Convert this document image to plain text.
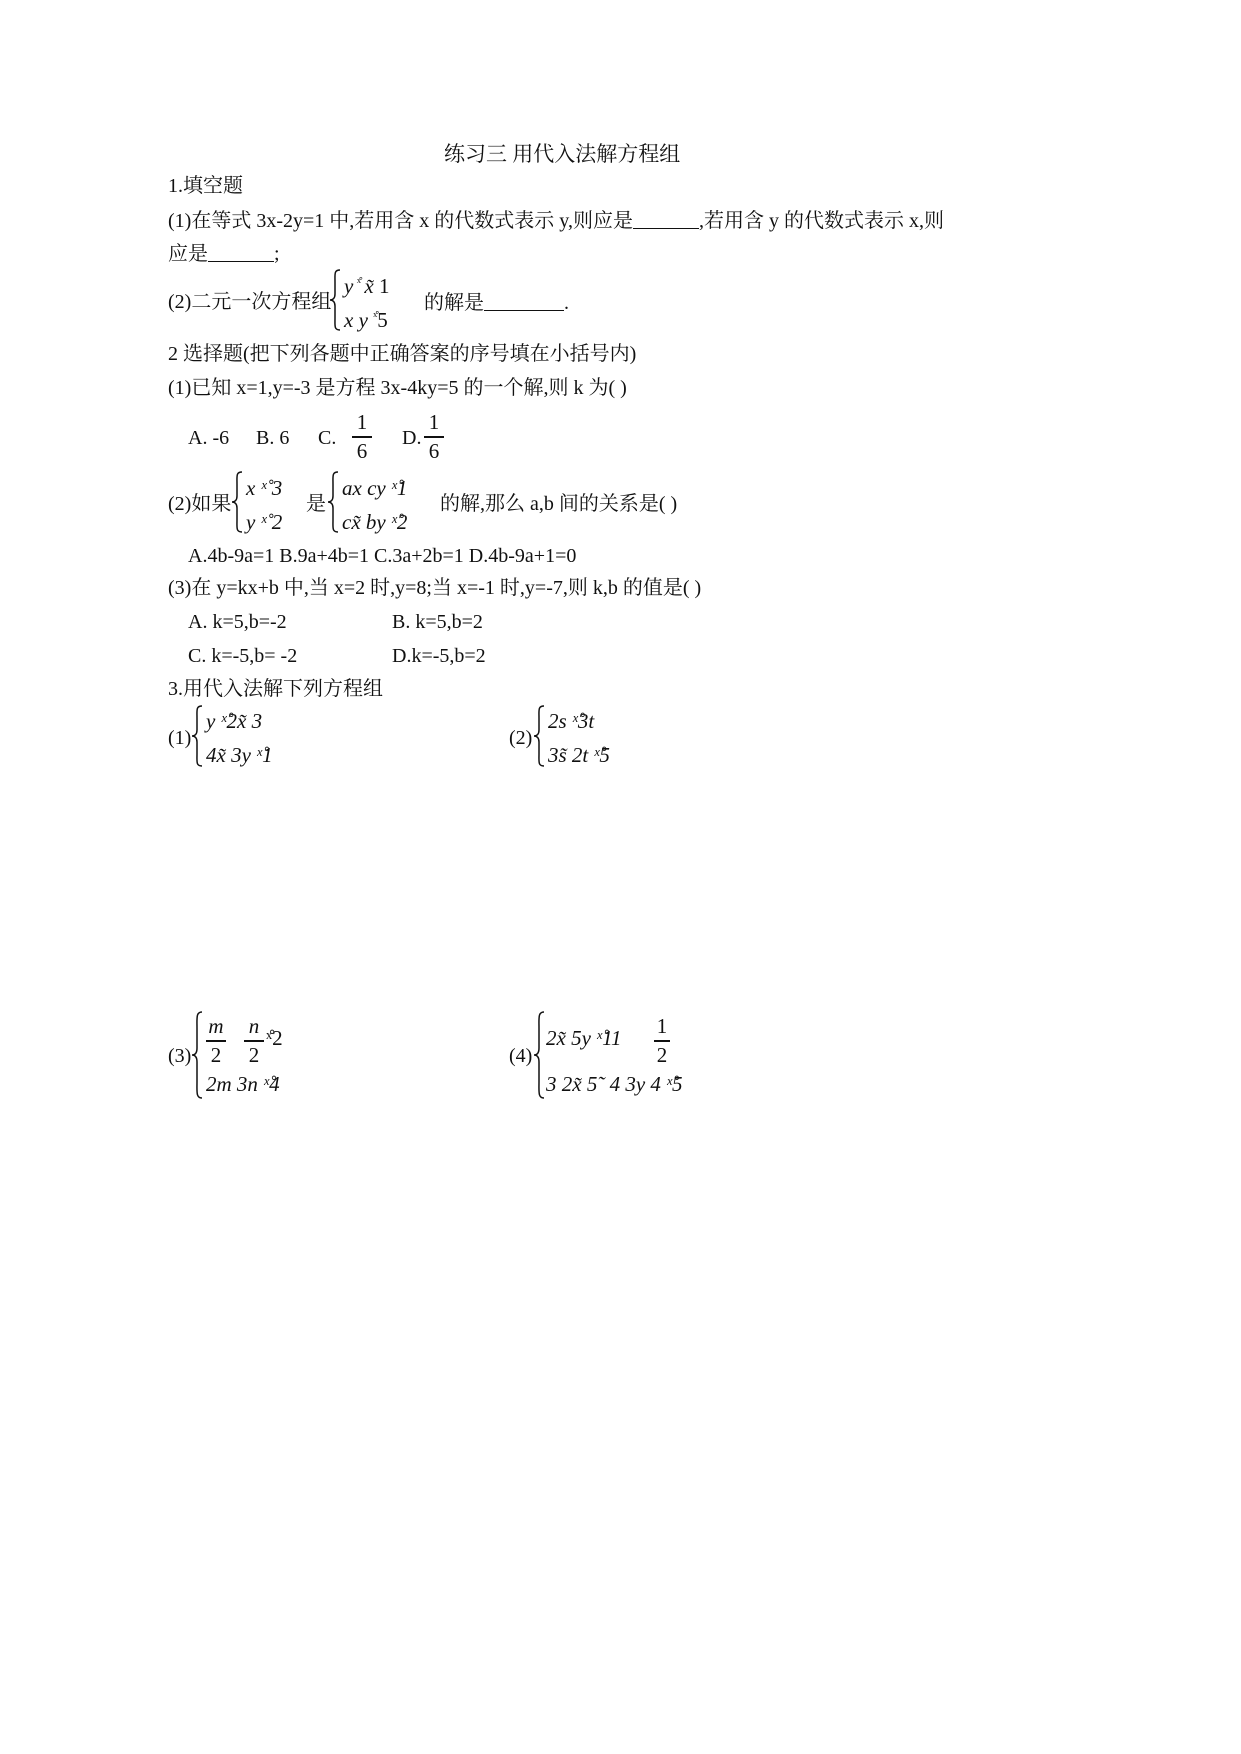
练习三 用代入法解方程组
1.填空题
(1)在等式 3x-2y=1 中,若用含 x 的代数式表示 y,则应是	,若用含 y 的代数式表示 x,则
应是	;
(2)二元一次方程组
y $^{ˣ̊}$ x̃ 1
x y $^{ˣ̊}$5
的解是	.
2 选择题(把下列各题中正确答案的序号填在小括号内)
(1)已知 x=1,y=-3 是方程 3x-4ky=5 的一个解,则 k 为( )
A. -6 B. 6 C.
1
6
D.
1
6
(2)如果
x ˣ̊ 3
y ˣ̊ 2
是
ax cy ˣ̊1
cx̃ by ˣ̊2
的解,那么 a,b 间的关系是( )
A.4b-9a=1 B.9a+4b=1 C.3a+2b=1 D.4b-9a+1=0
(3)在 y=kx+b 中,当 x=2 时,y=8;当 x=-1 时,y=-7,则 k,b 的值是( )
A. k=5,b=-2	B. k=5,b=2
C. k=-5,b= -2	D.k=-5,b=2
3.用代入法解下列方程组
(1)
y ˣ̊2x̃ 3
4x̃ 3y ˣ̊1
(2)
2s ˣ̊3t
3s̃ 2t ˣ̊5
(3)
m
2
n
2
ˣ̊2
2m 3n ˣ̊4
(4)
2x̃ 5y ˣ̊11 1
2
3 2x̃ 5˜ 4 3y 4 ˣ̊5
